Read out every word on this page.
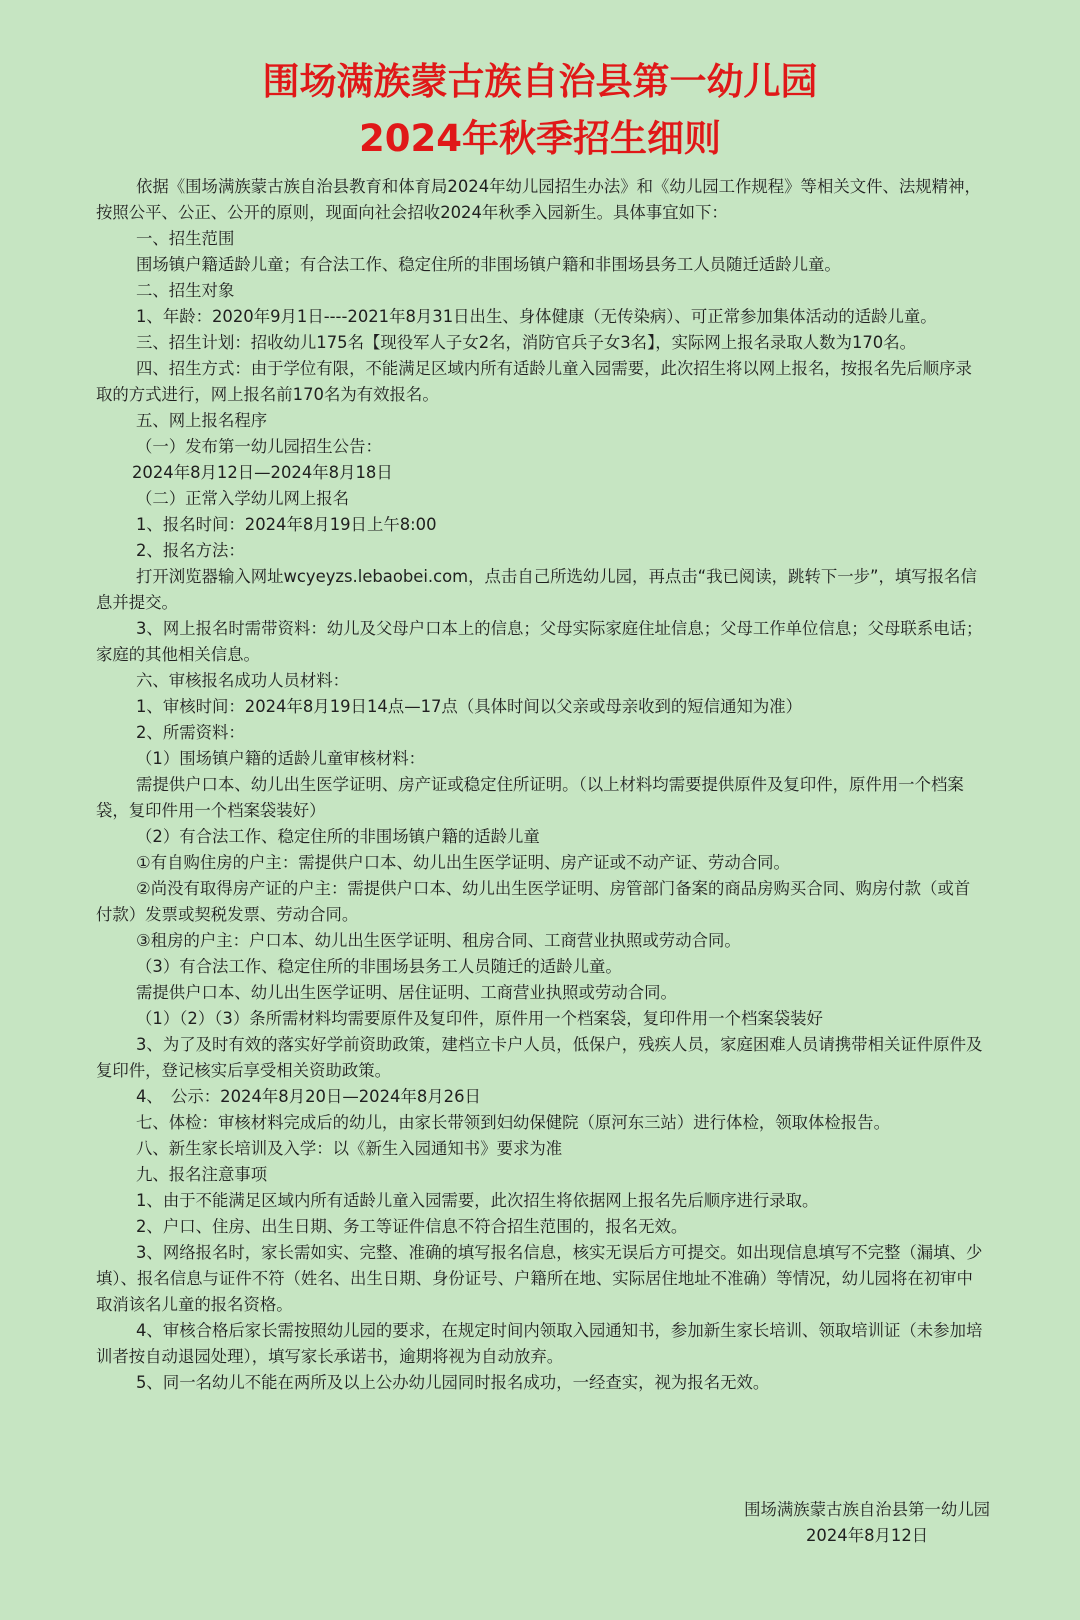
围场满族蒙古族自治县第一幼儿园
2024年秋季招生细则

依据《围场满族蒙古族自治县教育和体育局2024年幼儿园招生办法》和《幼儿园工作规程》等相关文件、法规精神，按照公平、公正、公开的原则，现面向社会招收2024年秋季入园新生。具体事宜如下：

一、招生范围

围场镇户籍适龄儿童；有合法工作、稳定住所的非围场镇户籍和非围场县务工人员随迁适龄儿童。

二、招生对象

1、年龄：2020年9月1日----2021年8月31日出生、身体健康（无传染病）、可正常参加集体活动的适龄儿童。

三、招生计划：招收幼儿175名【现役军人子女2名，消防官兵子女3名】，实际网上报名录取人数为170名。

四、招生方式：由于学位有限，不能满足区域内所有适龄儿童入园需要，此次招生将以网上报名，按报名先后顺序录取的方式进行，网上报名前170名为有效报名。

五、网上报名程序

（一）发布第一幼儿园招生公告：

2024年8月12日—2024年8月18日

（二）正常入学幼儿网上报名

1、报名时间：2024年8月19日上午8:00

2、报名方法：

打开浏览器输入网址wcyeyzs.lebaobei.com，点击自己所选幼儿园，再点击“我已阅读，跳转下一步”，填写报名信息并提交。

3、网上报名时需带资料：幼儿及父母户口本上的信息；父母实际家庭住址信息；父母工作单位信息；父母联系电话；家庭的其他相关信息。

六、审核报名成功人员材料：

1、审核时间：2024年8月19日14点—17点（具体时间以父亲或母亲收到的短信通知为准）

2、所需资料：

（1）围场镇户籍的适龄儿童审核材料：

需提供户口本、幼儿出生医学证明、房产证或稳定住所证明。（以上材料均需要提供原件及复印件，原件用一个档案袋，复印件用一个档案袋装好）

（2）有合法工作、稳定住所的非围场镇户籍的适龄儿童

①有自购住房的户主：需提供户口本、幼儿出生医学证明、房产证或不动产证、劳动合同。

②尚没有取得房产证的户主：需提供户口本、幼儿出生医学证明、房管部门备案的商品房购买合同、购房付款（或首付款）发票或契税发票、劳动合同。

③租房的户主：户口本、幼儿出生医学证明、租房合同、工商营业执照或劳动合同。

（3）有合法工作、稳定住所的非围场县务工人员随迁的适龄儿童。

需提供户口本、幼儿出生医学证明、居住证明、工商营业执照或劳动合同。

（1）（2）（3）条所需材料均需要原件及复印件，原件用一个档案袋，复印件用一个档案袋装好

3、为了及时有效的落实好学前资助政策，建档立卡户人员，低保户，残疾人员，家庭困难人员请携带相关证件原件及复印件，登记核实后享受相关资助政策。

4、　公示：2024年8月20日—2024年8月26日

七、体检：审核材料完成后的幼儿，由家长带领到妇幼保健院（原河东三站）进行体检，领取体检报告。

八、新生家长培训及入学：以《新生入园通知书》要求为准

九、报名注意事项

1、由于不能满足区域内所有适龄儿童入园需要，此次招生将依据网上报名先后顺序进行录取。

2、户口、住房、出生日期、务工等证件信息不符合招生范围的，报名无效。

3、网络报名时，家长需如实、完整、准确的填写报名信息，核实无误后方可提交。如出现信息填写不完整（漏填、少填）、报名信息与证件不符（姓名、出生日期、身份证号、户籍所在地、实际居住地址不准确）等情况，幼儿园将在初审中取消该名儿童的报名资格。

4、审核合格后家长需按照幼儿园的要求，在规定时间内领取入园通知书，参加新生家长培训、领取培训证（未参加培训者按自动退园处理），填写家长承诺书，逾期将视为自动放弃。

5、同一名幼儿不能在两所及以上公办幼儿园同时报名成功，一经查实，视为报名无效。

围场满族蒙古族自治县第一幼儿园
2024年8月12日
